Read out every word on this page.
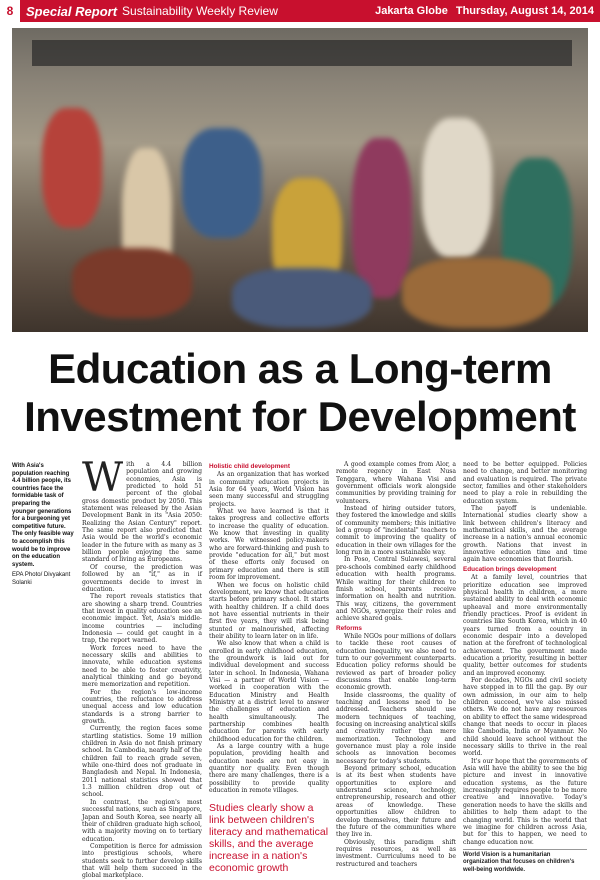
8 Special Report Sustainability Weekly Review	Jakarta Globe Thursday, August 14, 2014
Education as a Long-term
Investment for Development
With Asia's population reaching 4.4 billion people, its countries face the formidable task of preparing the younger generations for a burgeoning yet competitive future. The only feasible way to accomplish this would be to improve on the education system.
EPA Photo/ Divyakant Solanki

With a 4.4 billion population and growing economies, Asia is predicted to hold 51 percent of the global gross domestic product by 2050. This statement was released by the Asian Development Bank in its "Asia 2050: Realizing the Asian Century" report. The same report also predicted that Asia would be the world's economic leader in the future with as many as 3 billion people enjoying the same standard of living as Europeans.

Of course, the prediction was followed by an "if," as in if governments decide to invest in education.

The report reveals statistics that are showing a sharp trend. Countries that invest in quality education see an economic impact. Yet, Asia's middle-income countries — including Indonesia — could get caught in a trap, the report warned.

Work forces need to have the necessary skills and abilities to innovate, while education systems need to be able to foster creativity, analytical thinking and go beyond mere memorization and repetition.

For the region's low-income countries, the reluctance to address unequal access and low education standards is a strong barrier to growth.

Currently, the region faces some startling statistics. Some 19 million children in Asia do not finish primary school. In Cambodia, nearly half of the children fail to reach grade seven, while one-third does not graduate in Bangladesh and Nepal. In Indonesia, 2011 national statistics showed that 1.3 million children drop out of school.

In contrast, the region's most successful nations, such as Singapore, Japan and South Korea, see nearly all their of children graduate high school, with a majority moving on to tertiary education.

Competition is fierce for admission into prestigious schools, where students seek to further develop skills that will help them succeed in the global marketplace.

Holistic child development

As an organization that has worked in community education projects in Asia for 64 years, World Vision has seen many successful and struggling projects.

What we have learned is that it takes progress and collective efforts to increase the quality of education. We know that investing in quality works. We witnessed policy-makers who are forward-thinking and push to provide "education for all," but most of these efforts only focused on primary education and there is still room for improvement.

When we focus on holistic child development, we know that education starts before primary school. It starts with healthy children. If a child does not have essential nutrients in their first five years, they will risk being stunted or malnourished, affecting their ability to learn later on in life.

We also know that when a child is enrolled in early childhood education, the groundwork is laid out for individual development and success later in school. In Indonesia, Wahana Visi — a partner of World Vision — worked in cooperation with the Education Ministry and Health Ministry at a district level to answer the challenges of education and health simultaneously. The partnership combines health education for parents with early childhood education for the children.

As a large country with a huge population, providing health and education needs are not easy in quantity nor quality. Even though there are many challenges, there is a possibility to provide quality education in remote villages.

Studies clearly show a link between children's literacy and mathematical skills, and the average increase in a nation's economic growth

A good example comes from Alor, a remote regency in East Nusa Tenggara, where Wahana Visi and government officials work alongside communities by providing training for volunteers.

Instead of hiring outsider tutors, they fostered the knowledge and skills of community members; this initiative led a group of "incidental" teachers to commit to improving the quality of education in their own villages for the long run in a more sustainable way.

In Poso, Central Sulawesi, several pre-schools combined early childhood education with health programs. While waiting for their children to finish school, parents receive information on health and nutrition. This way, citizens, the government and NGOs, synergize their roles and achieve shared goals.

Reforms

While NGOs pour millions of dollars to tackle these root causes of education inequality, we also need to turn to our government counterparts. Education policy reforms should be reviewed as part of broader policy discussions that enable long-term economic growth.

Inside classrooms, the quality of teaching and lessons need to be addressed. Teachers should use modern techniques of teaching, focusing on increasing analytical skills and creativity rather than mere memorization. Technology and governance must play a role inside schools as innovation becomes necessary for today's students.

Beyond primary school, education is at its best when students have opportunities to explore and understand science, technology, entrepreneurship, research and other areas of knowledge. These opportunities allow children to develop themselves, their future and the future of the communities where they live in.

Obviously, this paradigm shift requires resources, as well as investment. Curriculums need to be restructured and teachers

need to be better equipped. Policies need to change, and better monitoring and evaluation is required. The private sector, families and other stakeholders need to play a role in rebuilding the education system.

The payoff is undeniable. International studies clearly show a link between children's literacy and mathematical skills, and the average increase in a nation's annual economic growth. Nations that invest in innovative education time and time again have economies that flourish.

Education brings development

At a family level, countries that prioritize education see improved physical health in children, a more sustained ability to deal with economic upheaval and more environmentally friendly practices. Proof is evident in countries like South Korea, which in 40 years turned from a country in economic despair into a developed nation at the forefront of technological achievement. The government made education a priority, resulting in better quality, better outcomes for students and an improved economy.

For decades, NGOs and civil society have stepped in to fill the gap. By our own admission, in our aim to help children succeed, we've also missed others. We do not have any resources on ability to effect the same widespread change that needs to occur in places like Cambodia, India or Myanmar. No child should leave school without the necessary skills to thrive in the real world.

It's our hope that the governments of Asia will have the ability to see the big picture and invest in innovative education systems, as the future increasingly requires people to be more creative and innovative. Today's generation needs to have the skills and abilities to help them adapt to the changing world. This is the world that we imagine for children across Asia, but for this to happen, we need to change education now.

World Vision is a humanitarian organization that focuses on children's well-being worldwide.
